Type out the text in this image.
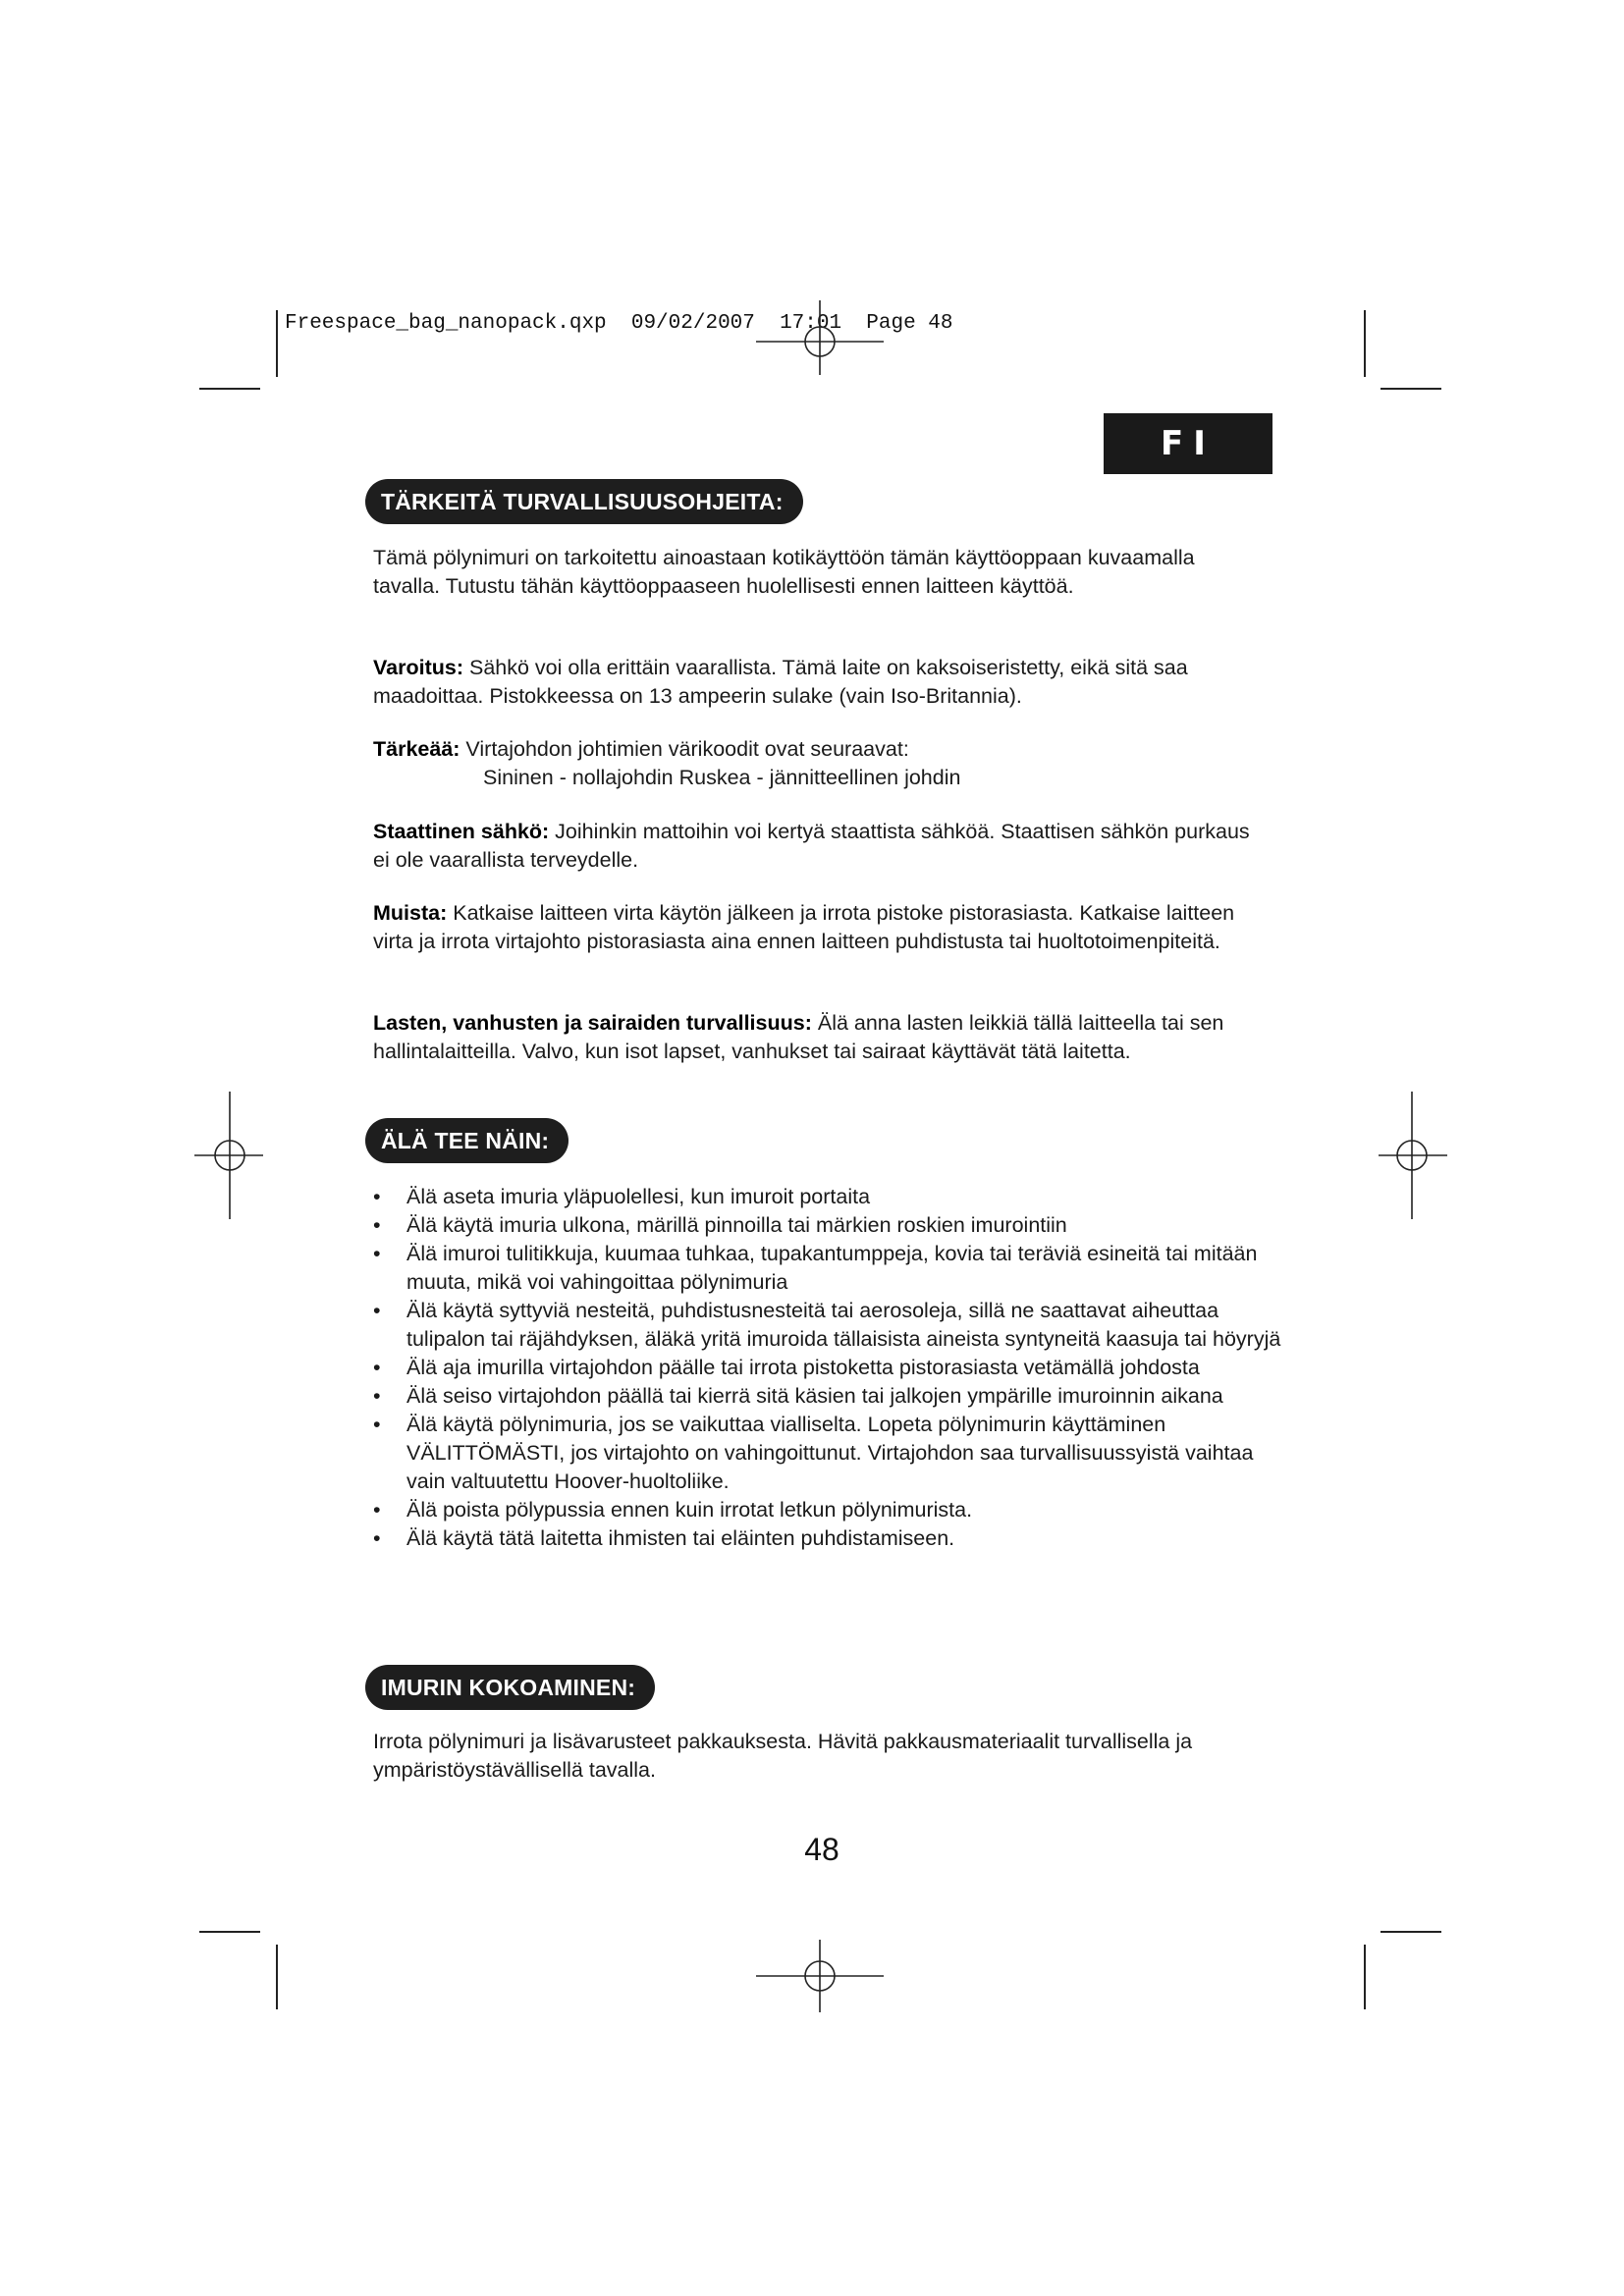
Freespace_bag_nanopack.qxp  09/02/2007  17:01  Page 48
FI
TÄRKEITÄ TURVALLISUUSOHJEITA:
Tämä pölynimuri on tarkoitettu ainoastaan kotikäyttöön tämän käyttöoppaan kuvaamalla tavalla. Tutustu tähän käyttöoppaaseen huolellisesti ennen laitteen käyttöä.
Varoitus: Sähkö voi olla erittäin vaarallista. Tämä laite on kaksoiseristetty, eikä sitä saa maadoittaa. Pistokkeessa on 13 ampeerin sulake (vain Iso-Britannia).
Tärkeää: Virtajohdon johtimien värikoodit ovat seuraavat:
Sininen - nollajohdin Ruskea - jännitteellinen johdin
Staattinen sähkö: Joihinkin mattoihin voi kertyä staattista sähköä. Staattisen sähkön purkaus ei ole vaarallista terveydelle.
Muista: Katkaise laitteen virta käytön jälkeen ja irrota pistoke pistorasiasta. Katkaise laitteen virta ja irrota virtajohto pistorasiasta aina ennen laitteen puhdistusta tai huoltotoimenpiteitä.
Lasten, vanhusten ja sairaiden turvallisuus: Älä anna lasten leikkiä tällä laitteella tai sen hallintalaitteilla. Valvo, kun isot lapset, vanhukset tai sairaat käyttävät tätä laitetta.
ÄLÄ TEE NÄIN:
• Älä aseta imuria yläpuolellesi, kun imuroit portaita
• Älä käytä imuria ulkona, märillä pinnoilla tai märkien roskien imurointiin
• Älä imuroi tulitikkuja, kuumaa tuhkaa, tupakantumppeja, kovia tai teräviä esineitä tai mitään muuta, mikä voi vahingoittaa pölynimuria
• Älä käytä syttyviä nesteitä, puhdistusnesteitä tai aerosoleja, sillä ne saattavat aiheuttaa tulipalon tai räjähdyksen, äläkä yritä imuroida tällaisista aineista syntyneitä kaasuja tai höyryjä
• Älä aja imurilla virtajohdon päälle tai irrota pistoketta pistorasiasta vetämällä johdosta
• Älä seiso virtajohdon päällä tai kierrä sitä käsien tai jalkojen ympärille imuroinnin aikana
• Älä käytä pölynimuria, jos se vaikuttaa vialliselta. Lopeta pölynimurin käyttäminen VÄLITTÖMÄSTI, jos virtajohto on vahingoittunut. Virtajohdon saa turvallisuussyistä vaihtaa vain valtuutettu Hoover-huoltoliike.
• Älä poista pölypussia ennen kuin irrotat letkun pölynimurista.
• Älä käytä tätä laitetta ihmisten tai eläinten puhdistamiseen.
IMURIN KOKOAMINEN:
Irrota pölynimuri ja lisävarusteet pakkauksesta. Hävitä pakkausmateriaalit turvallisella ja ympäristöystävällisellä tavalla.
48
